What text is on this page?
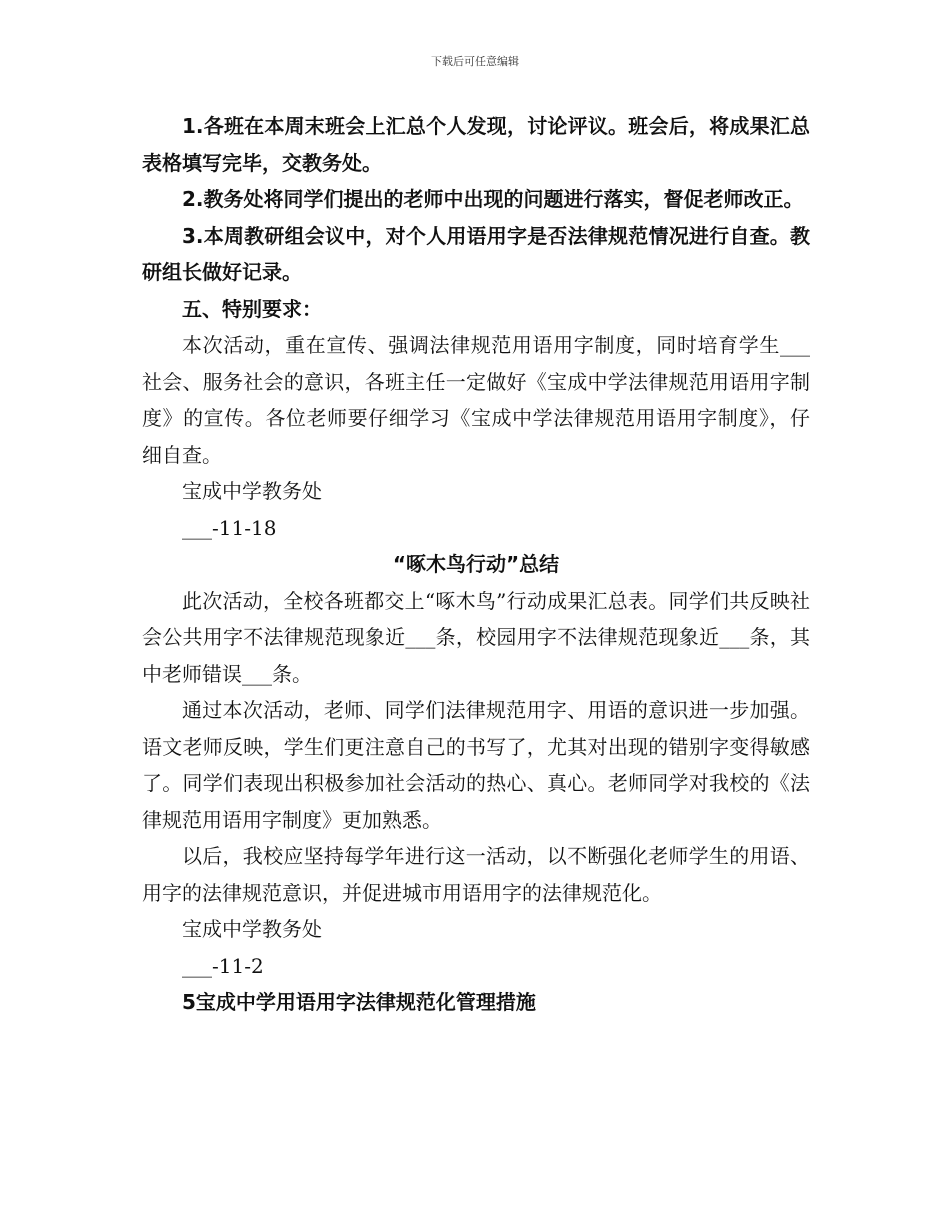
下载后可任意编辑

1.各班在本周末班会上汇总个人发现，讨论评议。班会后，将成果汇总表格填写完毕，交教务处。

2.教务处将同学们提出的老师中出现的问题进行落实，督促老师改正。

3.本周教研组会议中，对个人用语用字是否法律规范情况进行自查。教研组长做好记录。

五、特别要求：

本次活动，重在宣传、强调法律规范用语用字制度，同时培育学生___社会、服务社会的意识，各班主任一定做好《宝成中学法律规范用语用字制度》的宣传。各位老师要仔细学习《宝成中学法律规范用语用字制度》，仔细自查。

宝成中学教务处

___-11-18

“啄木鸟行动”总结

此次活动，全校各班都交上“啄木鸟”行动成果汇总表。同学们共反映社会公共用字不法律规范现象近___条，校园用字不法律规范现象近___条，其中老师错误___条。

通过本次活动，老师、同学们法律规范用字、用语的意识进一步加强。语文老师反映，学生们更注意自己的书写了，尤其对出现的错别字变得敏感了。同学们表现出积极参加社会活动的热心、真心。老师同学对我校的《法律规范用语用字制度》更加熟悉。

以后，我校应坚持每学年进行这一活动，以不断强化老师学生的用语、用字的法律规范意识，并促进城市用语用字的法律规范化。

宝成中学教务处

___-11-2

5宝成中学用语用字法律规范化管理措施
